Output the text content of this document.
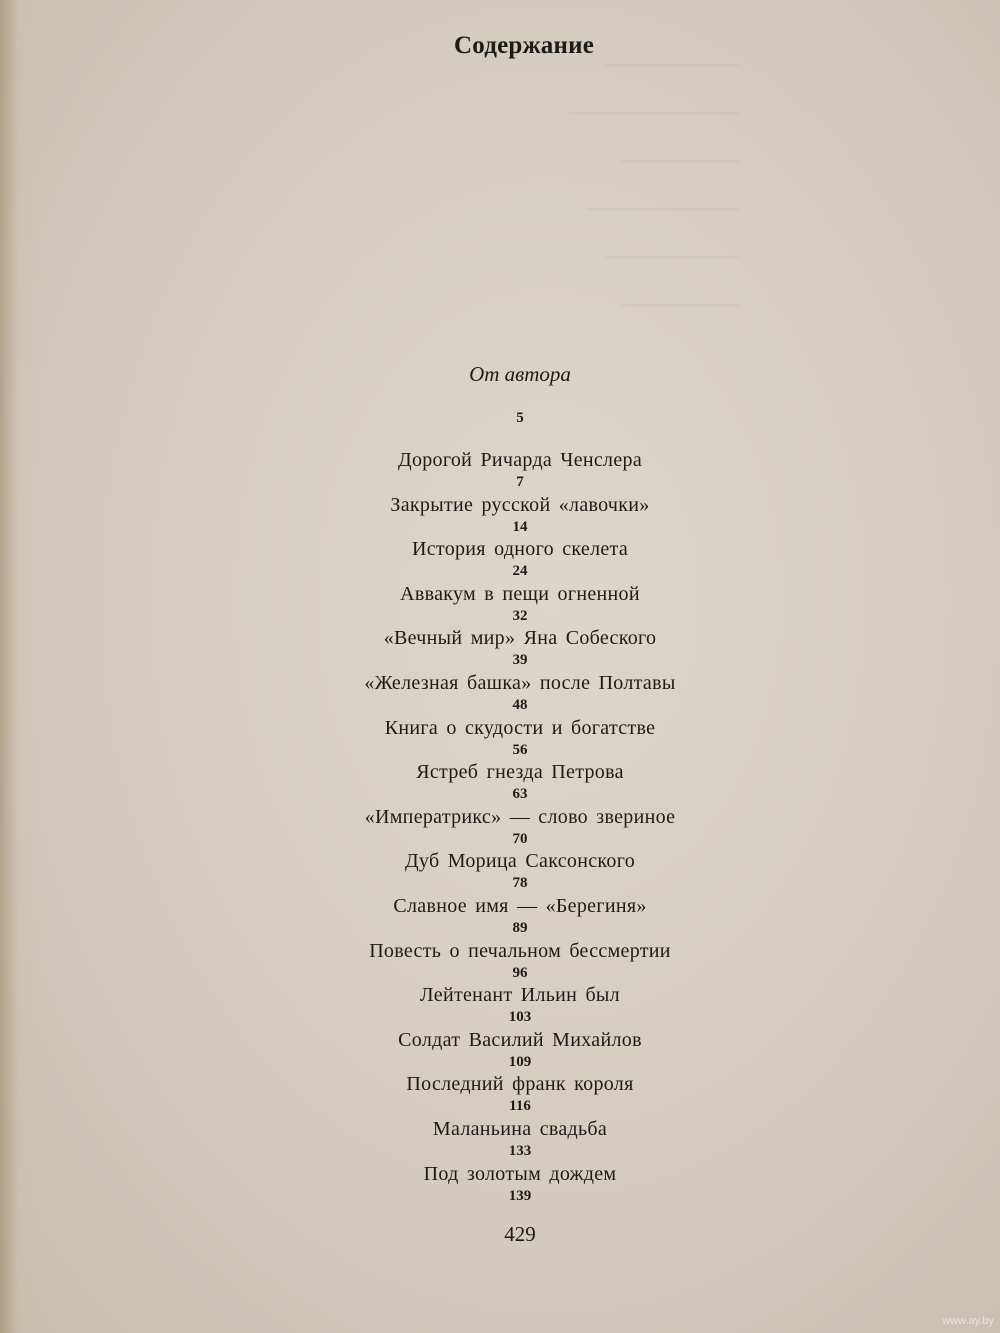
————————
——————————
———————
—————————
————————
———————
Содержание
От автора
5
Дорогой Ричарда Ченслера
7
Закрытие русской «лавочки»
14
История одного скелета
24
Аввакум в пещи огненной
32
«Вечный мир» Яна Собеского
39
«Железная башка» после Полтавы
48
Книга о скудости и богатстве
56
Ястреб гнезда Петрова
63
«Императрикс» — слово звериное
70
Дуб Морица Саксонского
78
Славное имя — «Берегиня»
89
Повесть о печальном бессмертии
96
Лейтенант Ильин был
103
Солдат Василий Михайлов
109
Последний франк короля
116
Маланьина свадьба
133
Под золотым дождем
139
429
www.ay.by
